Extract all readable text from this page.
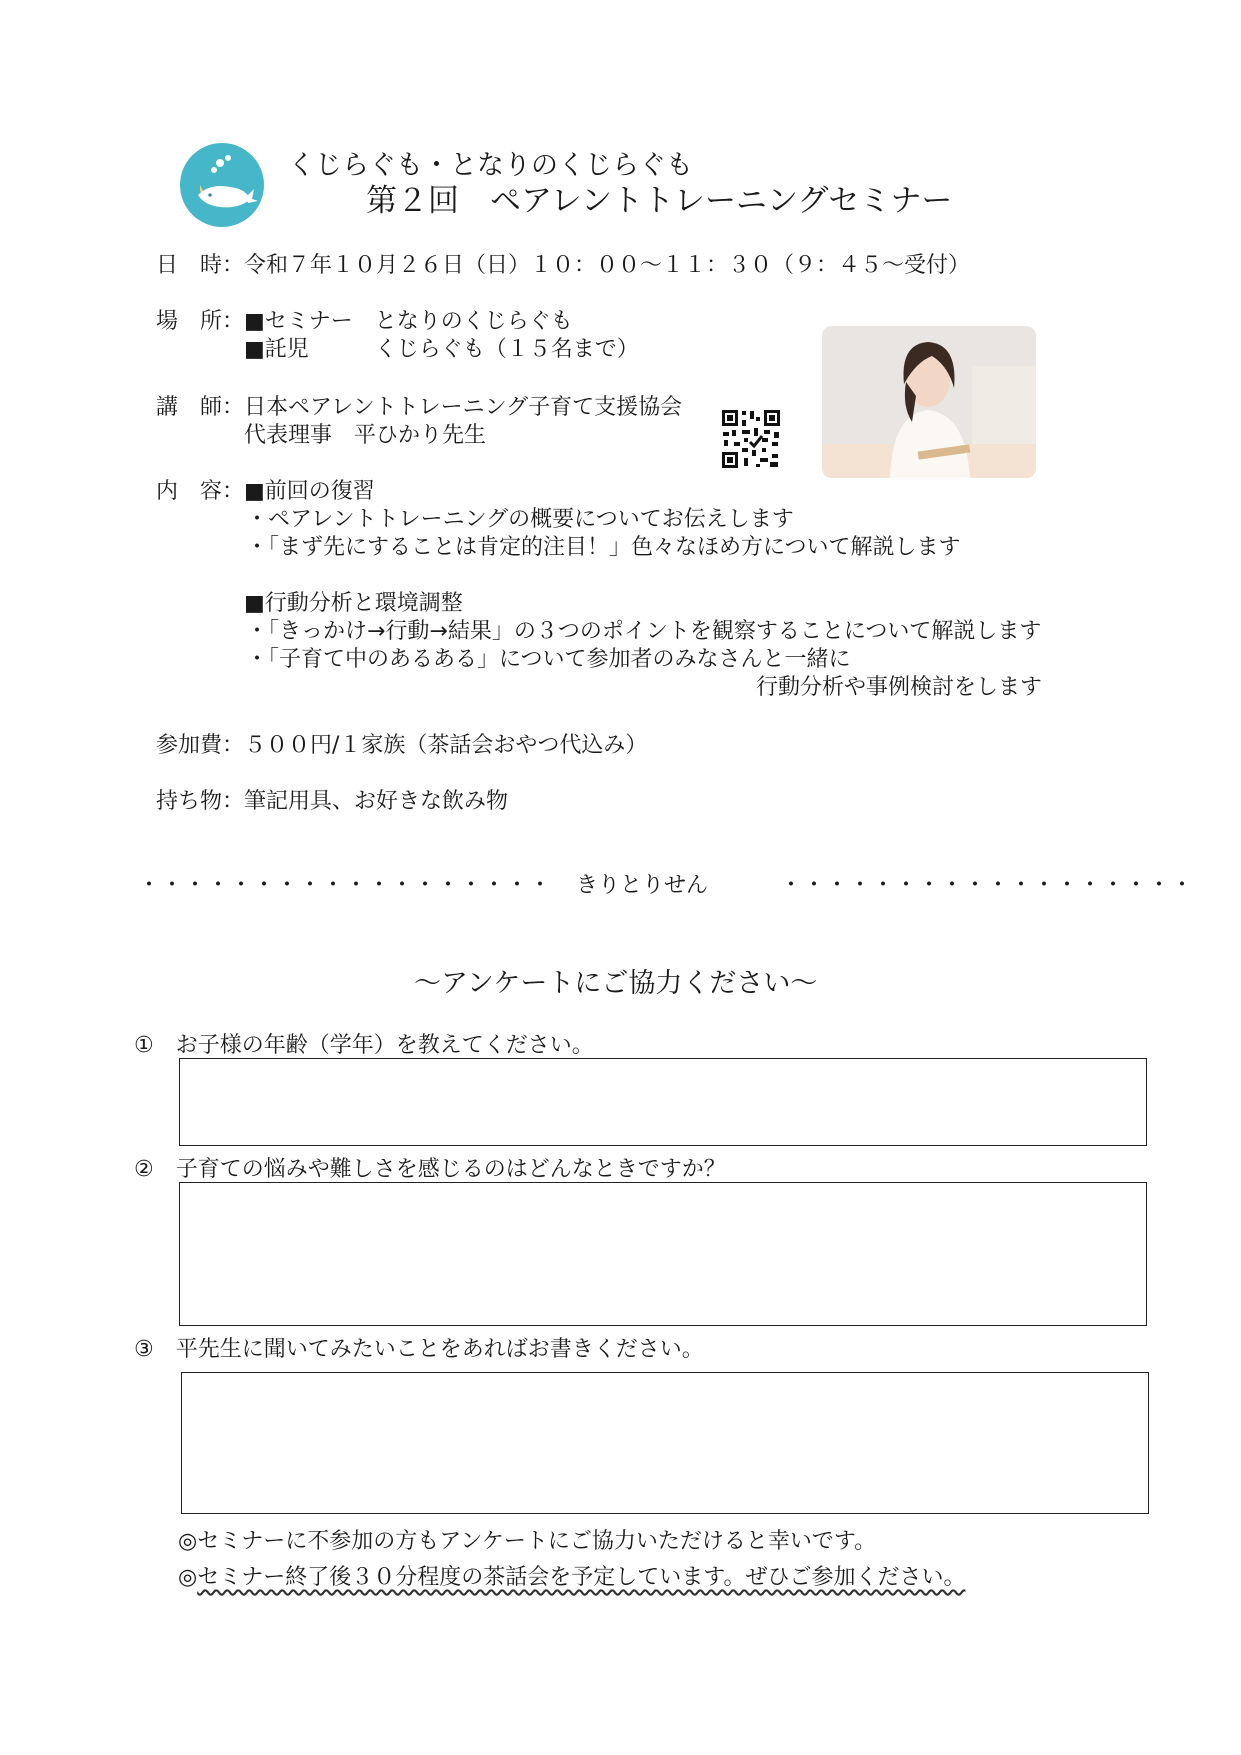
くじらぐも・となりのくじらぐも
第２回　ペアレントトレーニングセミナー
日　時： 令和７年１０月２６日（日）１０：００～１１：３０（９：４５～受付）
場　所： ■セミナー　となりのくじらぐも
■託児　　　くじらぐも（１５名まで）
講　師： 日本ペアレントトレーニング子育て支援協会
代表理事　平ひかり先生
内　容： ■前回の復習
・ペアレントトレーニングの概要についてお伝えします
・「まず先にすることは肯定的注目！」色々なほめ方について解説します
■行動分析と環境調整
・「きっかけ→行動→結果」の３つのポイントを観察することについて解説します
・「子育て中のあるある」について参加者のみなさんと一緒に
行動分析や事例検討をします
参加費： ５００円/１家族（茶話会おやつ代込み）
持ち物： 筆記用具、お好きな飲み物
・・・・・・・・・・・・・・・・・・ きりとりせん	・・・・・・・・・・・・・・・・・・
～アンケートにご協力ください～
①　お子様の年齢（学年）を教えてください。
②　子育ての悩みや難しさを感じるのはどんなときですか？
③　平先生に聞いてみたいことをあればお書きください。
◎セミナーに不参加の方もアンケートにご協力いただけると幸いです。
◎セミナー終了後３０分程度の茶話会を予定しています。ぜひご参加ください。
